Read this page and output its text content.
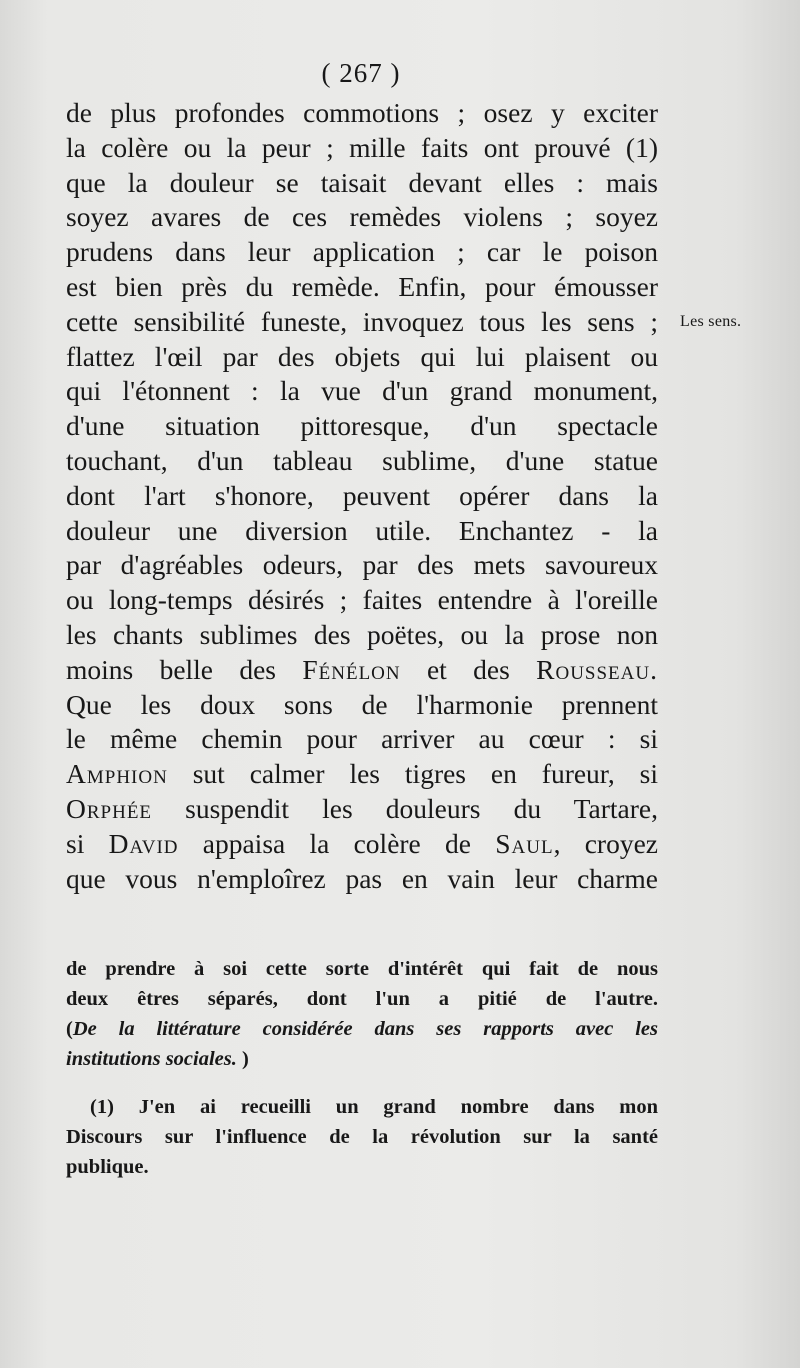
( 267 )
Les sens.
de plus profondes commotions ; osez y exciter
la colère ou la peur ; mille faits ont prouvé (1)
que la douleur se taisait devant elles : mais
soyez avares de ces remèdes violens ; soyez
prudens dans leur application ; car le poison
est bien près du remède. Enfin, pour émousser
cette sensibilité funeste, invoquez tous les sens ;
flattez l'œil par des objets qui lui plaisent ou
qui l'étonnent : la vue d'un grand monument,
d'une situation pittoresque, d'un spectacle
touchant, d'un tableau sublime, d'une statue
dont l'art s'honore, peuvent opérer dans la
douleur une diversion utile. Enchantez - la
par d'agréables odeurs, par des mets savoureux
ou long-temps désirés ; faites entendre à l'oreille
les chants sublimes des poëtes, ou la prose non
moins belle des Fénélon et des Rousseau.
Que les doux sons de l'harmonie prennent
le même chemin pour arriver au cœur : si
Amphion sut calmer les tigres en fureur, si
Orphée suspendit les douleurs du Tartare,
si David appaisa la colère de Saul, croyez
que vous n'emploîrez pas en vain leur charme
de prendre à soi cette sorte d'intérêt qui fait de nous
deux êtres séparés, dont l'un a pitié de l'autre.
(De la littérature considérée dans ses rapports avec les
institutions sociales. )
(1) J'en ai recueilli un grand nombre dans mon
Discours sur l'influence de la révolution sur la santé
publique.
